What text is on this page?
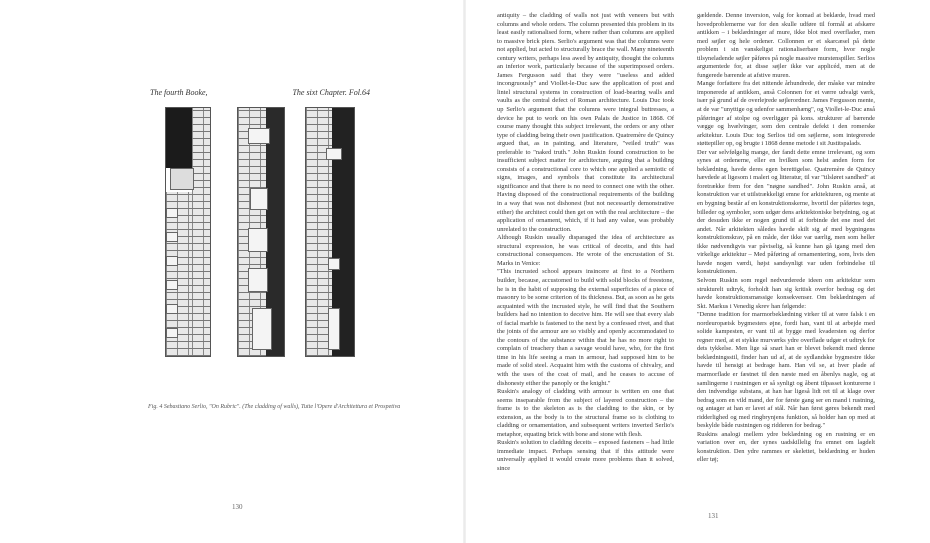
The fourth Booke,	The sixt Chapter. Fol.64
Fig. 4 Sebastiano Serlio, "On Rubric". (The cladding of walls), Tutte l'Opere d'Architettura et Prospetiva
130

antiquity – the cladding of walls not just with veneers but with columns and whole orders. The column presented this problem in its least easily rationalised form, where rather than columns are applied to massive brick piers. Serlio's argument was that the columns were not applied, but acted to structurally brace the wall. Many nineteenth century writers, perhaps less awed by antiquity, thought the columns an inferior work, particularly because of the superimposed orders. James Fergusson said that they were "useless and added incongruously" and Viollet-le-Duc saw the application of post and lintel structural systems in construction of load-bearing walls and vaults as the central defect of Roman architecture. Louis Duc took up Serlio's argument that the columns were integral buttresses, a device he put to work on his own Palais de Justice in 1868. Of course many thought this subject irrelevant, the orders or any other type of cladding being their own justification. Quatremère de Quincy argued that, as in painting, and literature, "veiled truth" was preferable to "naked truth." John Ruskin found construction to be insufficient subject matter for architecture, arguing that a building consists of a constructional core to which one applied a semiotic of signs, images, and symbols that constitute its architectural significance and that there is no need to connect one with the other. Having disposed of the constructional requirements of the building in a way that was not dishonest (but not necessarily demonstrative either) the architect could then get on with the real architecture – the application of ornament, which, if it had any value, was probably unrelated to the construction.

Although Ruskin usually disparaged the idea of architecture as structural expression, he was critical of deceits, and this had constructional consequences. He wrote of the encrustation of St. Marks in Venice:

"This incrusted school appears insincere at first to a Northern builder, because, accustomed to build with solid blocks of freestone, he is in the habit of supposing the external superficies of a piece of masonry to be some criterion of its thickness. But, as soon as he gets acquainted with the incrusted style, he will find that the Southern builders had no intention to deceive him. He will see that every slab of facial marble is fastened to the next by a confessed rivet, and that the joints of the armour are so visibly and openly accommodated to the contours of the substance within that he has no more right to complain of treachery than a savage would have, who, for the first time in his life seeing a man in armour, had supposed him to be made of solid steel. Acquaint him with the customs of chivalry, and with the uses of the coat of mail, and he ceases to accuse of dishonesty either the panoply or the knight."

Ruskin's analogy of cladding with armour is written en one that seems inseparable from the subject of layered construction – the frame is to the skeleton as is the cladding to the skin, or by extension, as the body is to the structural frame so is clothing to cladding or ornamentation, and subsequent writers inverted Serlio's metaphor, equating brick with bone and stone with flesh.

Ruskin's solution to cladding deceits – exposed fasteners – had little immediate impact. Perhaps sensing that if this attitude were universally applied it would create more problems than it solved, since

gældende. Denne inversion, valg for komad at beklæde, hvad med hovedproblemerne var for den skulle udføre til formål at afskære antikken – i beklædninger af mure, ikke blot med overflader, men med søjler og hele ordener. Collonnen er et skarcæsel på dette problem i sin vanskeligst rationaliserbare form, hvor nogle tilsyneladende søjler påføres på nogle massive murstenspiller. Serlios argumentede for, at disse søjler ikke var applicéd, men at de fungerede bærende at afstive muren.

Mange forfattere fra det nittende århundrede, der måske var mindre imponerede af antikken, anså Colonnen for et værre udvalgt værk, især på grund af de overlejrede søjlerordner. James Fergusson mente, at de var "unyttige og udenfor sammenhæng", og Viollet-le-Duc anså påføringer af stolpe og overligger på kons. strukturer af bærende vægge og hvælvinger, som den centrale defekt i den romerske arkitektur. Louis Duc tog Serlios tid om søjlerne, som integrerede støttepiller op, og brugte i 1868 denne metode i sit Justitspalads.

Der var selvfølgelig mange, der fandt dette emne irrelevant, og som synes at ordenerne, eller en hvilken som helst anden form for beklædning, havde deres egen berettigelse. Quatremère de Quincy hævdede at ligesom i maleri og litteratur, til var "tilsløret sandhed" at foretrække frem for den "nøgne sandhed". John Ruskin anså, at konstruktion var et utilstrækkeligt emne for arkitekturen, og mente at en bygning består af en konstruktionskerne, hvortil der påførtes tegn, billeder og symboler, som udgør dens arkitektoniske betydning, og at der desuden ikke er nogen grund til at forbinde det ene med det andet. Når arkitekten således havde skilt sig af med bygningens konstruktionskrav, på en måde, der ikke var uærlig, men som heller ikke nødvendigvis var påviselig, så kunne han gå igang med den virkelige arkitektur – Med påføring af ornamentering, som, hvis den havde nogen værdi, højst sandsynligt var uden forbindelse til konstruktionen.

Selvom Ruskin som regel nedvurderede ideen om arkitektur som strukturelt udtryk, forholdt han sig kritisk overfor bedrag og det havde konstruktionsmæssige konsekvenser. Om beklædningen af Skt. Markus i Venedig skrev han følgende:

"Denne tradition for marmorbeklædning virker til at være falsk i en nordeuropæisk bygmesters øjne, fordi han, vant til at arbejde med solide kampesten, er vant til at bygge med kvadersten og derfor regner med, at et stykke murværks ydre overflade udgør et udtryk for dets tykkelse. Men lige så snart han er blevet bekendt med denne beklædningsstil, finder han ud af, at de sydlandske bygmestre ikke havde til hensigt at bedrage ham. Han vil se, at hver plade af marmorflade er fæstnet til den næste med en åbenlys nagle, og at samlingerne i rustningen er så synligt og åbent tilpasset konturerne i den indvendige substans, at han har ligeså lidt ret til at klage over bedrag som en vild mand, der for første gang ser en mand i rustning, og antager at han er lavet af stål. Når han først gøres bekendt med ridderlighed og med ringbrynjens funktion, så holder han op med at beskylde både rustningen og ridderen for bedrag."

Ruskins analogi mellem ydre beklædning og en rustning er en variation over en, der synes uadskillelig fra emnet om lagdelt konstruktion. Den ydre rammes er skelettet, beklædning er huden eller tøj;

131
